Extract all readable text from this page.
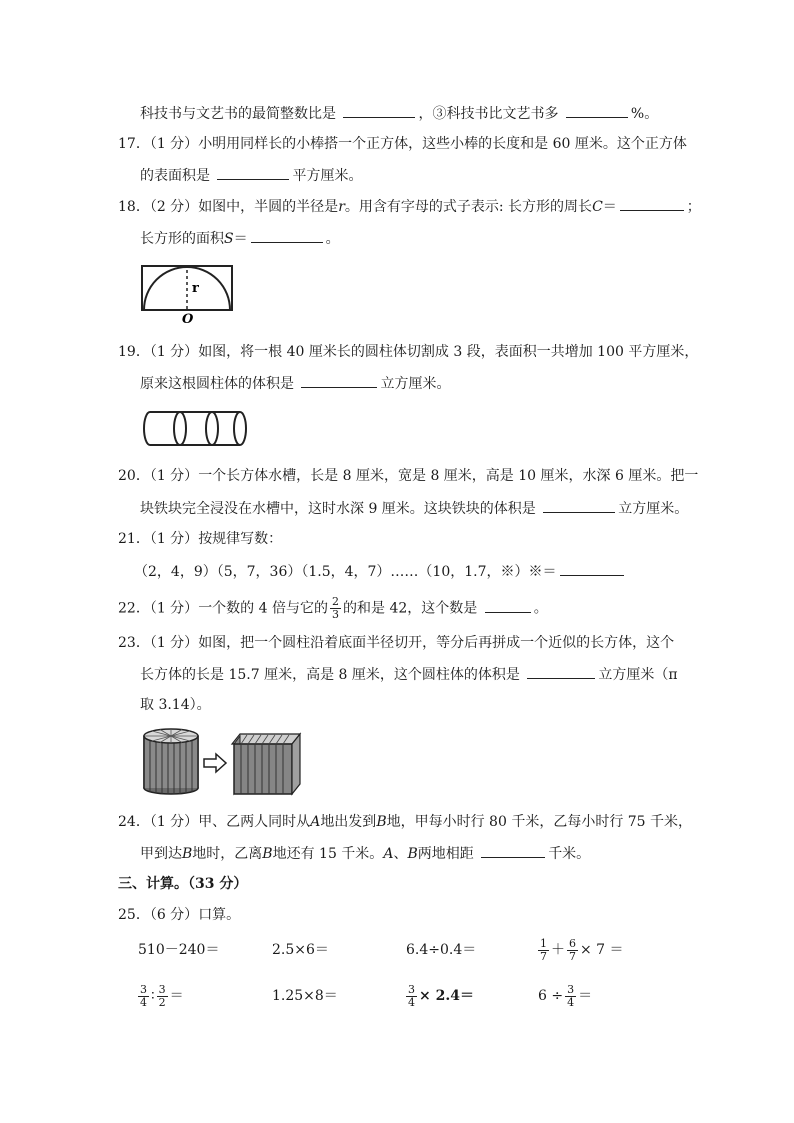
科技书与文艺书的最简整数比是	，③科技书比文艺书多	%。
17．（1 分）小明用同样长的小棒搭一个正方体，这些小棒的长度和是 60 厘米。这个正方体
的表面积是	平方厘米。
18．（2 分）如图中，半圆的半径是r。用含有字母的式子表示: 长方形的周长C＝	；
长方形的面积S＝	。
r
O
19．（1 分）如图，将一根 40 厘米长的圆柱体切割成 3 段，表面积一共增加 100 平方厘米，
原来这根圆柱体的体积是	立方厘米。
20．（1 分）一个长方体水槽，长是 8 厘米，宽是 8 厘米，高是 10 厘米，水深 6 厘米。把一
块铁块完全浸没在水槽中，这时水深 9 厘米。这块铁块的体积是	立方厘米。
21．（1 分）按规律写数：
（2，4，9）（5，7，36）（1.5，4，7）……（10，1.7，※）※＝
22．（1 分）一个数的 4 倍与它的 $\frac{2}{3}$ 的和是 42，这个数是	。
23．（1 分）如图，把一个圆柱沿着底面半径切开，等分后再拼成一个近似的长方体，这个
长方体的长是 15.7 厘米，高是 8 厘米，这个圆柱体的体积是	立方厘米（π
取 3.14）。
24．（1 分）甲、乙两人同时从A地出发到B地，甲每小时行 80 千米，乙每小时行 75 千米，
甲到达B地时，乙离B地还有 15 千米。A、B两地相距	千米。
三、计算。（33 分）
25．（6 分）口算。
510－240＝	2.5×6＝	6.4÷0.4＝	$\frac{1}{7} + \frac{6}{7} \times 7$ ＝
$\frac{3}{4}$ ∶ $\frac{3}{2}$ ＝	1.25×8＝	$\frac{3}{4} \times 2.4=$	$6 \div \frac{3}{4}$ ＝
